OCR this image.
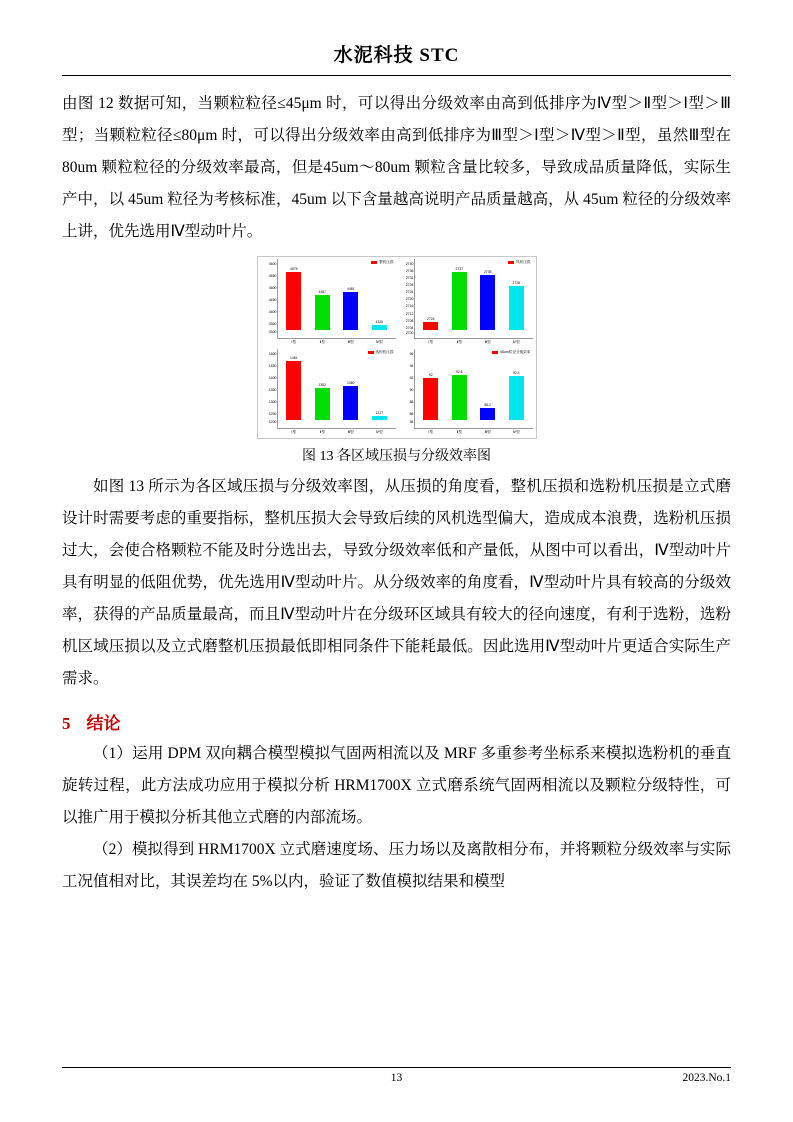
水泥科技 STC

由图 12 数据可知，当颗粒粒径≤45μm 时，可以得出分级效率由高到低排序为Ⅳ型＞Ⅱ型＞Ⅰ型＞Ⅲ型；当颗粒粒径≤80μm 时，可以得出分级效率由高到低排序为Ⅲ型＞Ⅰ型＞Ⅳ型＞Ⅱ型，虽然Ⅲ型在 80um 颗粒粒径的分级效率最高，但是45um～80um 颗粒含量比较多，导致成品质量降低，实际生产中，以 45um 粒径为考核标准，45um 以下含量越高说明产品质量越高，从 45um 粒径的分级效率上讲，优先选用Ⅳ型动叶片。

整机压损
4600
4550
4500
4450
4400
4350
4300
4575
4467
4481
4325
Ⅰ型	Ⅱ型	Ⅲ型	Ⅳ型
风机压损
2740
2736
2732
2728
2724
2720
2716
2712
2708
2704
2700
2724
2737
2735
2728
Ⅰ型	Ⅱ型	Ⅲ型	Ⅳ型
选粉机压损
1500
1450
1400
1350
1300
1250
1200
1481
1352	1360
1217
Ⅰ型	Ⅱ型	Ⅲ型	Ⅳ型
45um粒径分级效率
96
94
92
90
88
86
84
92
92.6
86.2
92.4
Ⅰ型	Ⅱ型	Ⅲ型	Ⅳ型
图 13 各区域压损与分级效率图

如图 13 所示为各区域压损与分级效率图，从压损的角度看，整机压损和选粉机压损是立式磨设计时需要考虑的重要指标，整机压损大会导致后续的风机选型偏大，造成成本浪费，选粉机压损过大，会使合格颗粒不能及时分选出去，导致分级效率低和产量低，从图中可以看出，Ⅳ型动叶片具有明显的低阻优势，优先选用Ⅳ型动叶片。从分级效率的角度看，Ⅳ型动叶片具有较高的分级效率，获得的产品质量最高，而且Ⅳ型动叶片在分级环区域具有较大的径向速度，有利于选粉，选粉机区域压损以及立式磨整机压损最低即相同条件下能耗最低。因此选用Ⅳ型动叶片更适合实际生产需求。

5 结论

（1）运用 DPM 双向耦合模型模拟气固两相流以及 MRF 多重参考坐标系来模拟选粉机的垂直旋转过程，此方法成功应用于模拟分析 HRM1700X 立式磨系统气固两相流以及颗粒分级特性，可以推广用于模拟分析其他立式磨的内部流场。

（2）模拟得到 HRM1700X 立式磨速度场、压力场以及离散相分布，并将颗粒分级效率与实际工况值相对比，其误差均在 5%以内，验证了数值模拟结果和模型

13	2023.No.1
